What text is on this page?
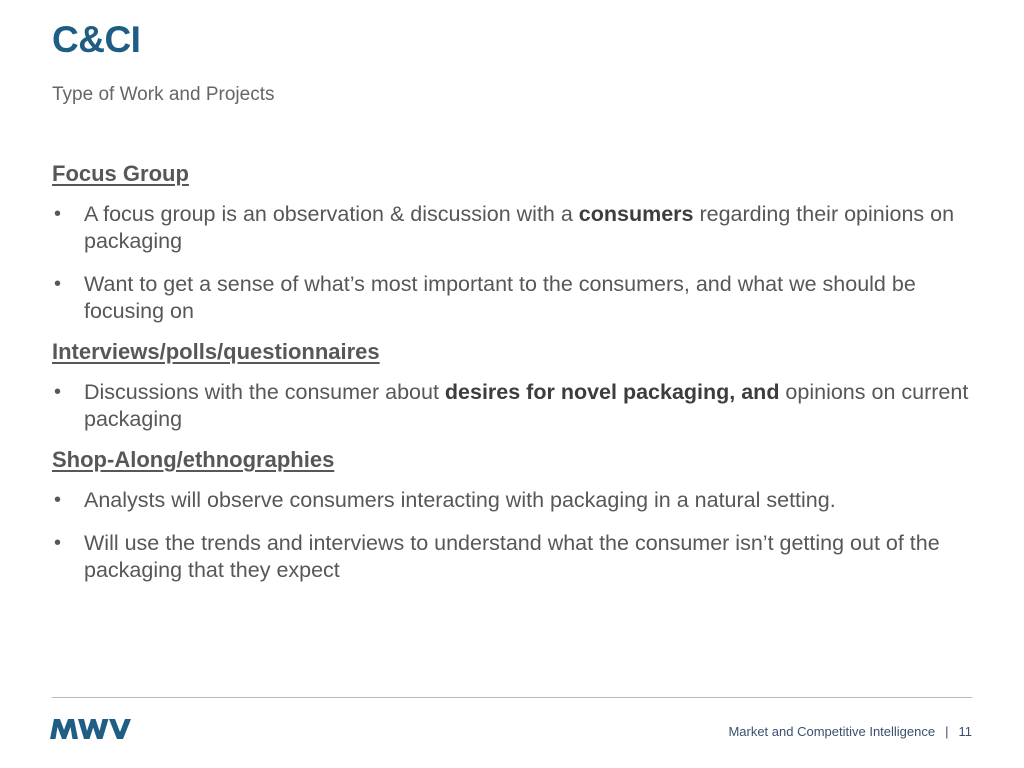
C&CI
Type of Work and Projects

Focus Group

• A focus group is an observation & discussion with a consumers regarding their opinions on packaging
• Want to get a sense of what’s most important to the consumers, and what we should be focusing on

Interviews/polls/questionnaires

• Discussions with the consumer about desires for novel packaging, and opinions on current packaging

Shop-Along/ethnographies

• Analysts will observe consumers interacting with packaging in a natural setting.
• Will use the trends and interviews to understand what the consumer isn’t getting out of the packaging that they expect
Market and Competitive Intelligence | 11
